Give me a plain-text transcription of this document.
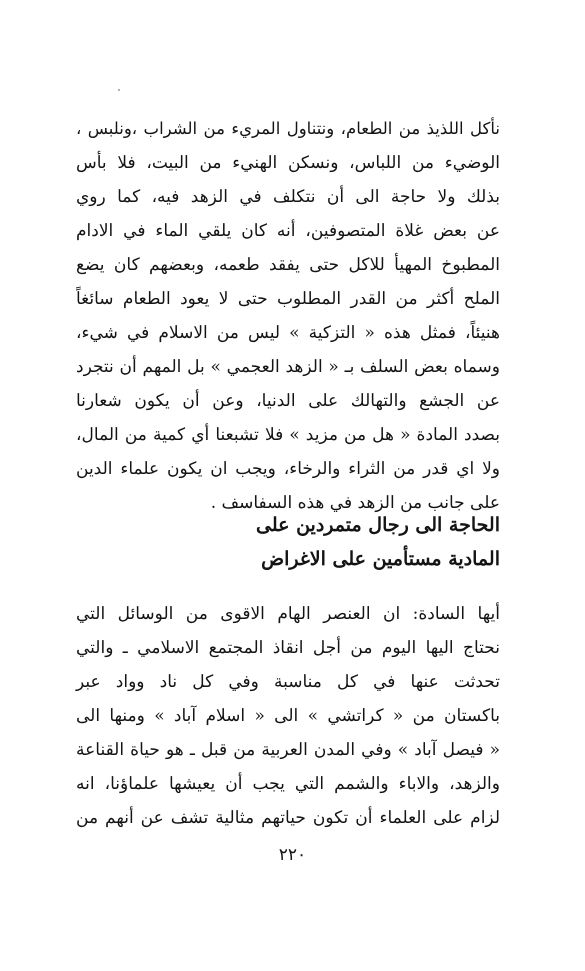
نأكل اللذيذ من الطعام، ونتناول المريء من الشراب ،ونلبس ،
الوضيء من اللباس، ونسكن الهنيء من البيت، فلا بأس
بذلك ولا حاجة الى أن نتكلف في الزهد فيه، كما روي
عن بعض غلاة المتصوفين، أنه كان يلقي الماء في الادام
المطبوخ المهيأ للاكل حتى يفقد طعمه، وبعضهم كان يضع
الملح أكثر من القدر المطلوب حتى لا يعود الطعام سائغاً
هنيئاً، فمثل هذه « التزكية » ليس من الاسلام في شيء،
وسماه بعض السلف بـ « الزهد العجمي » بل المهم أن نتجرد
عن الجشع والتهالك على الدنيا، وعن أن يكون شعارنا
بصدد المادة « هل من مزيد » فلا تشبعنا أي كمية من المال،
ولا اي قدر من الثراء والرخاء، ويجب ان يكون علماء الدين
على جانب من الزهد في هذه السفاسف .
الحاجة الى رجال متمردين على
المادية مستأمين على الاغراض
أيها السادة: ان العنصر الهام الاقوى من الوسائل التي
نحتاج اليها اليوم من أجل انقاذ المجتمع الاسلامي ـ والتي
تحدثت عنها في كل مناسبة وفي كل ناد وواد عبر
باكستان من « كراتشي » الى « اسلام آباد » ومنها الى
« فيصل آباد » وفي المدن العربية من قبل ـ هو حياة القناعة
والزهد، والاباء والشمم التي يجب أن يعيشها علماؤنا، انه
لزام على العلماء أن تكون حياتهم مثالية تشف عن أنهم من
٢٢٠
